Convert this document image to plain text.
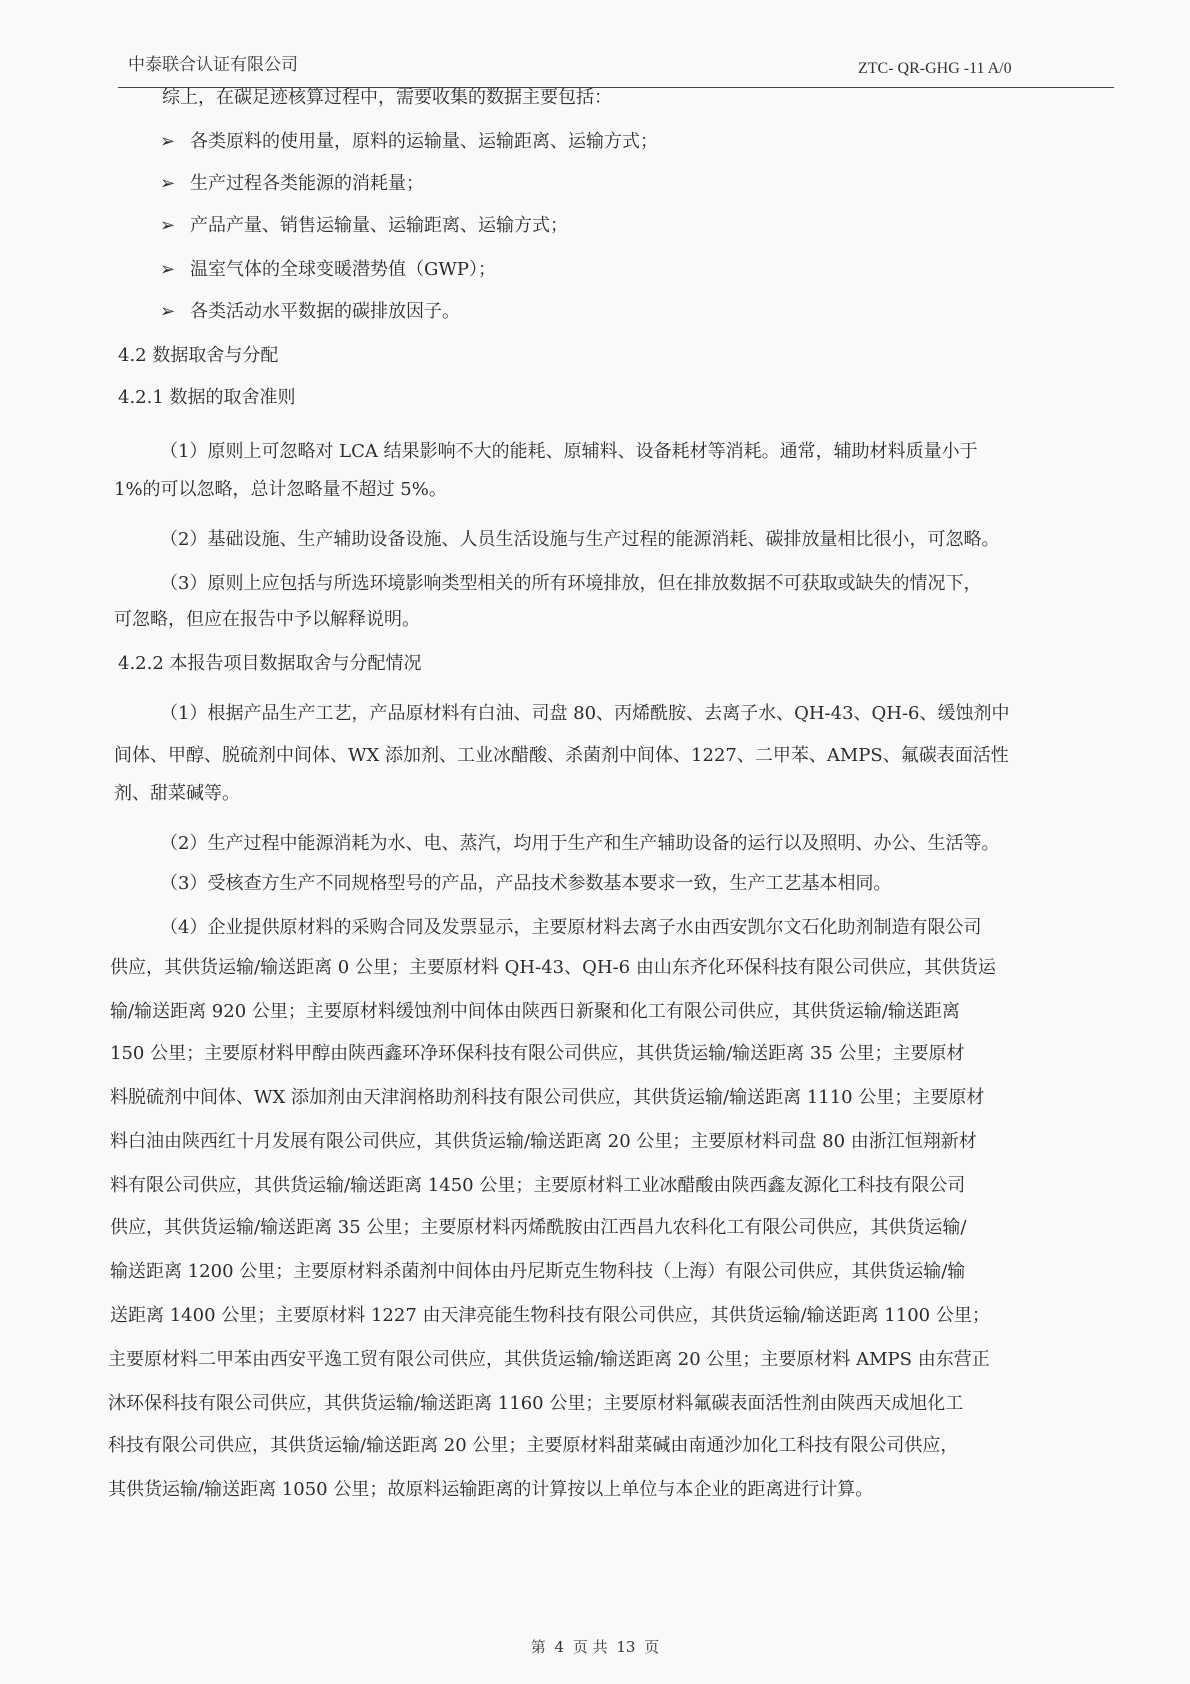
中泰联合认证有限公司	ZTC- QR-GHG -11 A/0
综上，在碳足迹核算过程中，需要收集的数据主要包括：
➢ 各类原料的使用量，原料的运输量、运输距离、运输方式；
➢ 生产过程各类能源的消耗量；
➢ 产品产量、销售运输量、运输距离、运输方式；
➢ 温室气体的全球变暖潜势值（GWP）；
➢ 各类活动水平数据的碳排放因子。
4.2 数据取舍与分配
4.2.1 数据的取舍准则
（1）原则上可忽略对 LCA 结果影响不大的能耗、原辅料、设备耗材等消耗。通常，辅助材料质量小于
1%的可以忽略，总计忽略量不超过 5%。
（2）基础设施、生产辅助设备设施、人员生活设施与生产过程的能源消耗、碳排放量相比很小，可忽略。
（3）原则上应包括与所选环境影响类型相关的所有环境排放，但在排放数据不可获取或缺失的情况下，
可忽略，但应在报告中予以解释说明。
4.2.2 本报告项目数据取舍与分配情况
（1）根据产品生产工艺，产品原材料有白油、司盘 80、丙烯酰胺、去离子水、QH-43、QH-6、缓蚀剂中
间体、甲醇、脱硫剂中间体、WX 添加剂、工业冰醋酸、杀菌剂中间体、1227、二甲苯、AMPS、氟碳表面活性
剂、甜菜碱等。
（2）生产过程中能源消耗为水、电、蒸汽，均用于生产和生产辅助设备的运行以及照明、办公、生活等。
（3）受核查方生产不同规格型号的产品，产品技术参数基本要求一致，生产工艺基本相同。
（4）企业提供原材料的采购合同及发票显示，主要原材料去离子水由西安凯尔文石化助剂制造有限公司
供应，其供货运输/输送距离 0 公里；主要原材料 QH-43、QH-6 由山东齐化环保科技有限公司供应，其供货运
输/输送距离 920 公里；主要原材料缓蚀剂中间体由陕西日新聚和化工有限公司供应，其供货运输/输送距离
150 公里；主要原材料甲醇由陕西鑫环净环保科技有限公司供应，其供货运输/输送距离 35 公里；主要原材
料脱硫剂中间体、WX 添加剂由天津润格助剂科技有限公司供应，其供货运输/输送距离 1110 公里；主要原材
料白油由陕西红十月发展有限公司供应，其供货运输/输送距离 20 公里；主要原材料司盘 80 由浙江恒翔新材
料有限公司供应，其供货运输/输送距离 1450 公里；主要原材料工业冰醋酸由陕西鑫友源化工科技有限公司
供应，其供货运输/输送距离 35 公里；主要原材料丙烯酰胺由江西昌九农科化工有限公司供应，其供货运输/
输送距离 1200 公里；主要原材料杀菌剂中间体由丹尼斯克生物科技（上海）有限公司供应，其供货运输/输
送距离 1400 公里；主要原材料 1227 由天津亮能生物科技有限公司供应，其供货运输/输送距离 1100 公里；
主要原材料二甲苯由西安平逸工贸有限公司供应，其供货运输/输送距离 20 公里；主要原材料 AMPS 由东营正
沐环保科技有限公司供应，其供货运输/输送距离 1160 公里；主要原材料氟碳表面活性剂由陕西天成旭化工
科技有限公司供应，其供货运输/输送距离 20 公里；主要原材料甜菜碱由南通沙加化工科技有限公司供应，
其供货运输/输送距离 1050 公里；故原料运输距离的计算按以上单位与本企业的距离进行计算。
第 4 页 共 13 页
